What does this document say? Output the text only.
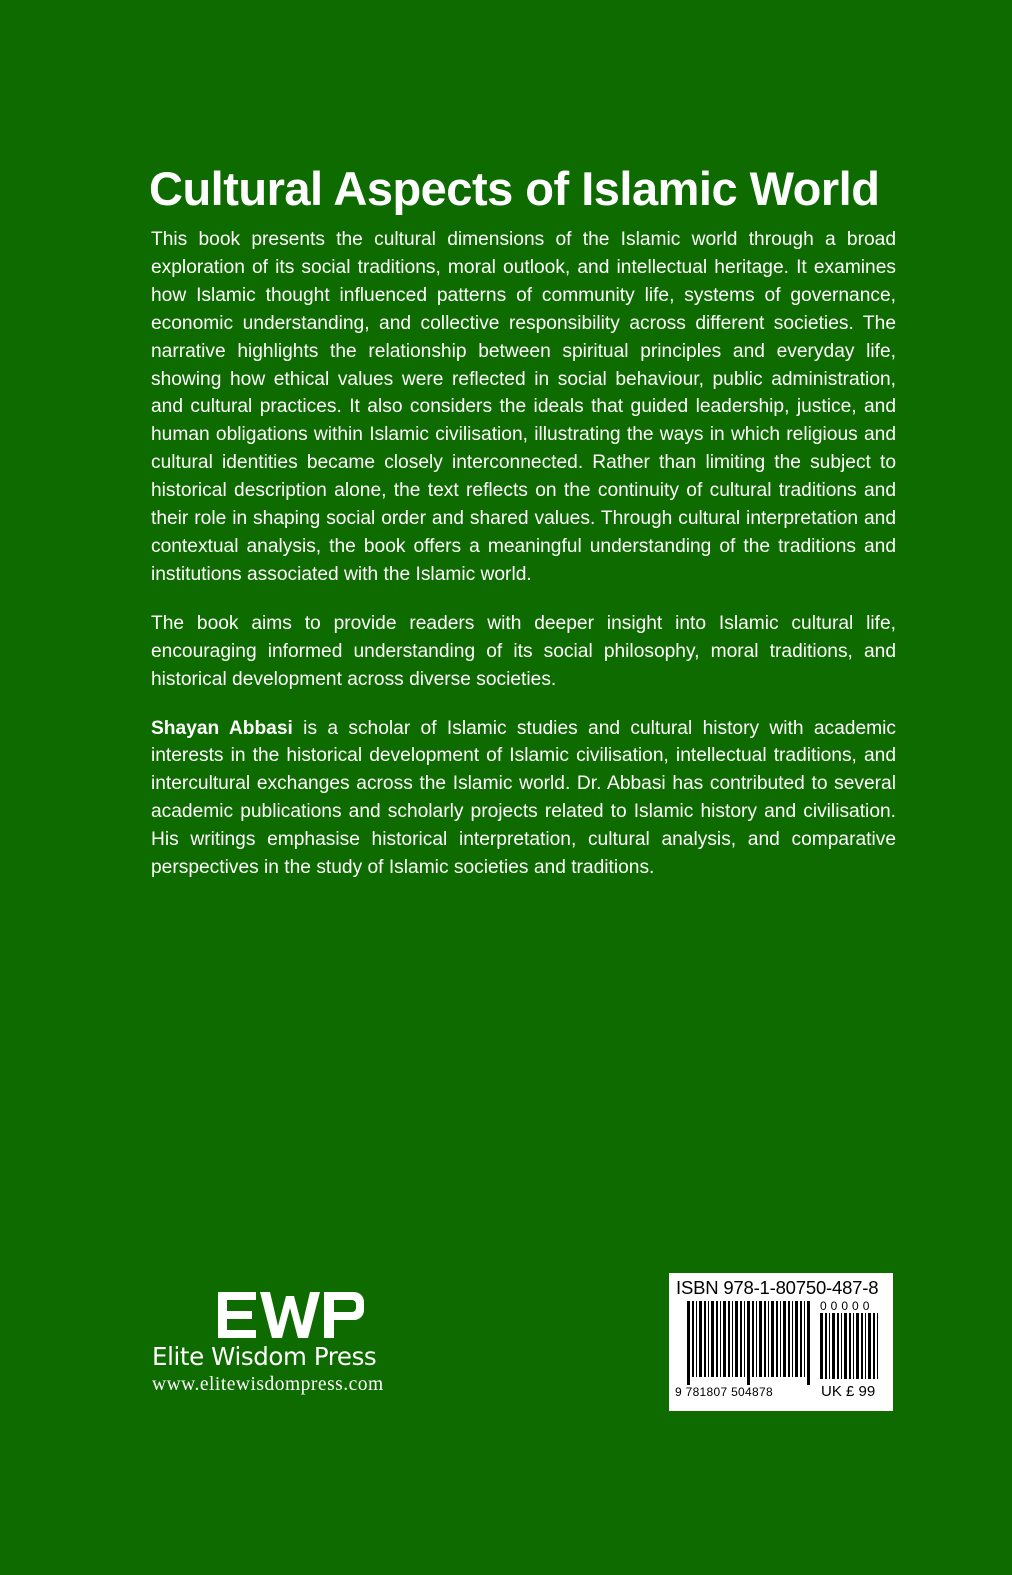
Cultural Aspects of Islamic World

This book presents the cultural dimensions of the Islamic world through a broad exploration of its social traditions, moral outlook, and intellectual heritage. It examines how Islamic thought influenced patterns of community life, systems of governance, economic understanding, and collective responsibility across different societies. The narrative highlights the relationship between spiritual principles and everyday life, showing how ethical values were reflected in social behaviour, public administration, and cultural practices. It also considers the ideals that guided leadership, justice, and human obligations within Islamic civilisation, illustrating the ways in which religious and cultural identities became closely interconnected. Rather than limiting the subject to historical description alone, the text reflects on the continuity of cultural traditions and their role in shaping social order and shared values. Through cultural interpretation and contextual analysis, the book offers a meaningful understanding of the traditions and institutions associated with the Islamic world.

The book aims to provide readers with deeper insight into Islamic cultural life, encouraging informed understanding of its social philosophy, moral traditions, and historical development across diverse societies.

Shayan Abbasi is a scholar of Islamic studies and cultural history with academic interests in the historical development of Islamic civilisation, intellectual traditions, and intercultural exchanges across the Islamic world. Dr. Abbasi has contributed to several academic publications and scholarly projects related to Islamic history and civilisation. His writings emphasise historical interpretation, cultural analysis, and comparative perspectives in the study of Islamic societies and traditions.

Elite Wisdom Press
www.elitewisdompress.com
ISBN 978-1-80750-487-8
9 781807 504878
00000
UK £ 99
